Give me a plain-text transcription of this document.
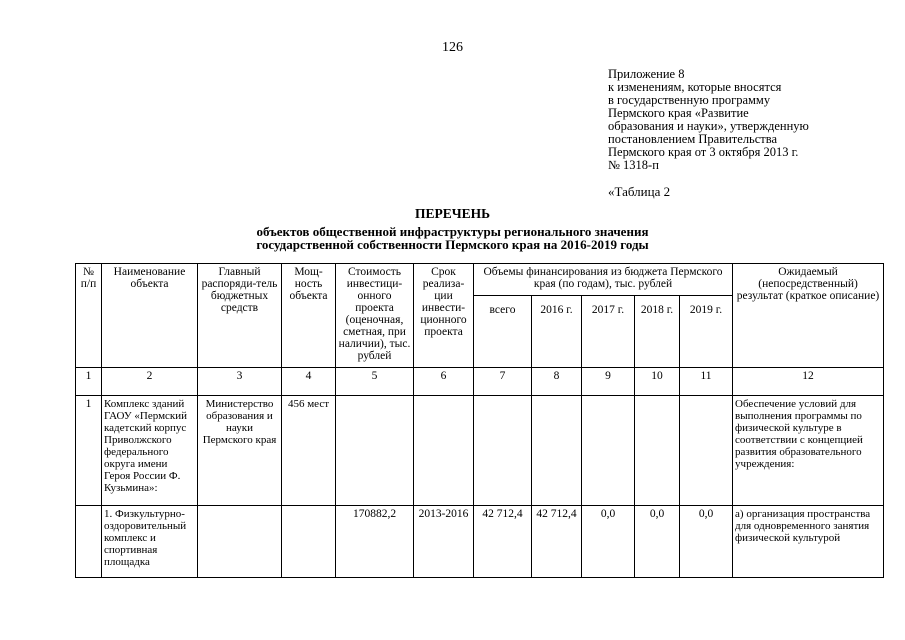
126
Приложение 8
к изменениям, которые вносятся
в государственную программу
Пермского края «Развитие
образования и науки», утвержденную
постановлением Правительства
Пермского края от 3 октября 2013 г.
№ 1318-п
«Таблица 2
ПЕРЕЧЕНЬ
объектов общественной инфраструктуры регионального значения
государственной собственности Пермского края на 2016-2019 годы
№ п/п	Наименование объекта	Главный распоряди-тель бюджетных средств	Мощ-ность объекта	Стоимость инвестици-онного проекта (оценочная, сметная, при наличии), тыс. рублей	Срок реализа-ции инвести-ционного проекта	Объемы финансирования из бюджета Пермского края (по годам), тыс. рублей					Ожидаемый (непосредственный) результат (краткое описание)
						всего	2016 г.	2017 г.	2018 г.	2019 г.	
1	2	3	4	5	6	7	8	9	10	11	12
1	Комплекс зданий ГАОУ «Пермский кадетский корпус Приволжского федерального округа имени Героя России Ф. Кузьмина»:	Министерство образования и науки Пермского края	456 мест								Обеспечение условий для выполнения программы по физической культуре в соответствии с концепцией развития образовательного учреждения:
	1. Физкультурно-оздоровительный комплекс и спортивная площадка			170882,2	2013-2016	42 712,4	42 712,4	0,0	0,0	0,0	а) организация пространства для одновременного занятия физической культурой
